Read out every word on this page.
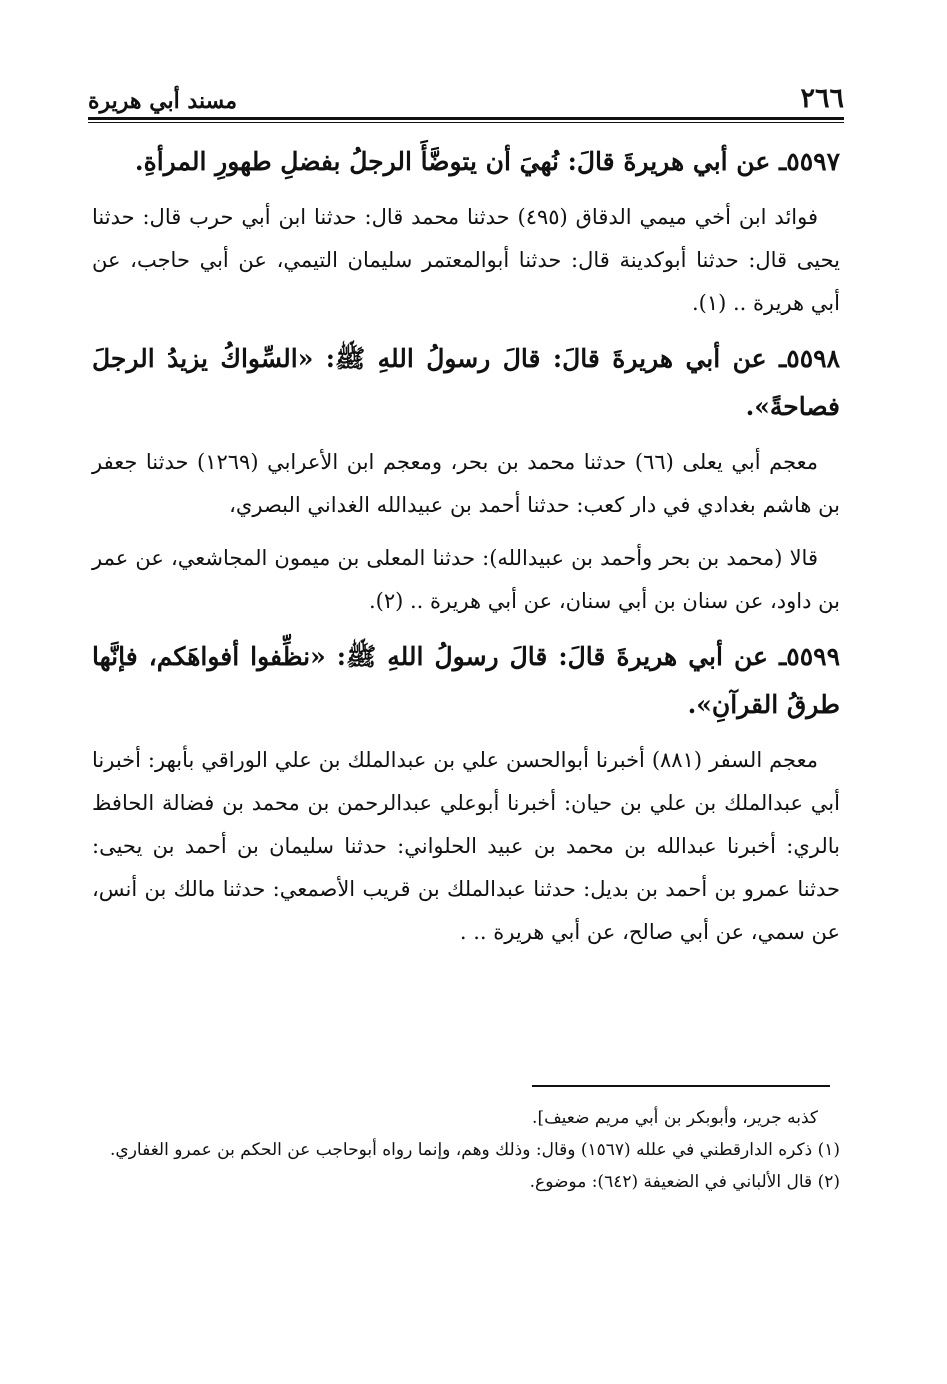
٢٦٦
مسند أبي هريرة

٥٥٩٧ـ عن أبي هريرةَ قالَ: نُهيَ أن يتوضَّأَ الرجلُ بفضلِ طهورِ المرأةِ.

فوائد ابن أخي ميمي الدقاق (٤٩٥) حدثنا محمد قال: حدثنا ابن أبي حرب قال: حدثنا يحيى قال: حدثنا أبوكدينة قال: حدثنا أبوالمعتمر سليمان التيمي، عن أبي حاجب، عن أبي هريرة .. (١).

٥٥٩٨ـ عن أبي هريرةَ قالَ: قالَ رسولُ اللهِ ﷺ: «السِّواكُ يزيدُ الرجلَ فصاحةً».

معجم أبي يعلى (٦٦) حدثنا محمد بن بحر، ومعجم ابن الأعرابي (١٢٦٩) حدثنا جعفر بن هاشم بغدادي في دار كعب: حدثنا أحمد بن عبيدالله الغداني البصري،

قالا (محمد بن بحر وأحمد بن عبيدالله): حدثنا المعلى بن ميمون المجاشعي، عن عمر بن داود، عن سنان بن أبي سنان، عن أبي هريرة .. (٢).

٥٥٩٩ـ عن أبي هريرةَ قالَ: قالَ رسولُ اللهِ ﷺ: «نظِّفوا أفواهَكم، فإنَّها طرقُ القرآنِ».

معجم السفر (٨٨١) أخبرنا أبوالحسن علي بن عبدالملك بن علي الوراقي بأبهر: أخبرنا أبي عبدالملك بن علي بن حيان: أخبرنا أبوعلي عبدالرحمن بن محمد بن فضالة الحافظ بالري: أخبرنا عبدالله بن محمد بن عبيد الحلواني: حدثنا سليمان بن أحمد بن يحيى: حدثنا عمرو بن أحمد بن بديل: حدثنا عبدالملك بن قريب الأصمعي: حدثنا مالك بن أنس، عن سمي، عن أبي صالح، عن أبي هريرة .. .

كذبه جرير، وأبوبكر بن أبي مريم ضعيف].

(١) ذكره الدارقطني في علله (١٥٦٧) وقال: وذلك وهم، وإنما رواه أبوحاجب عن الحكم بن عمرو الغفاري.

(٢) قال الألباني في الضعيفة (٦٤٢): موضوع.
